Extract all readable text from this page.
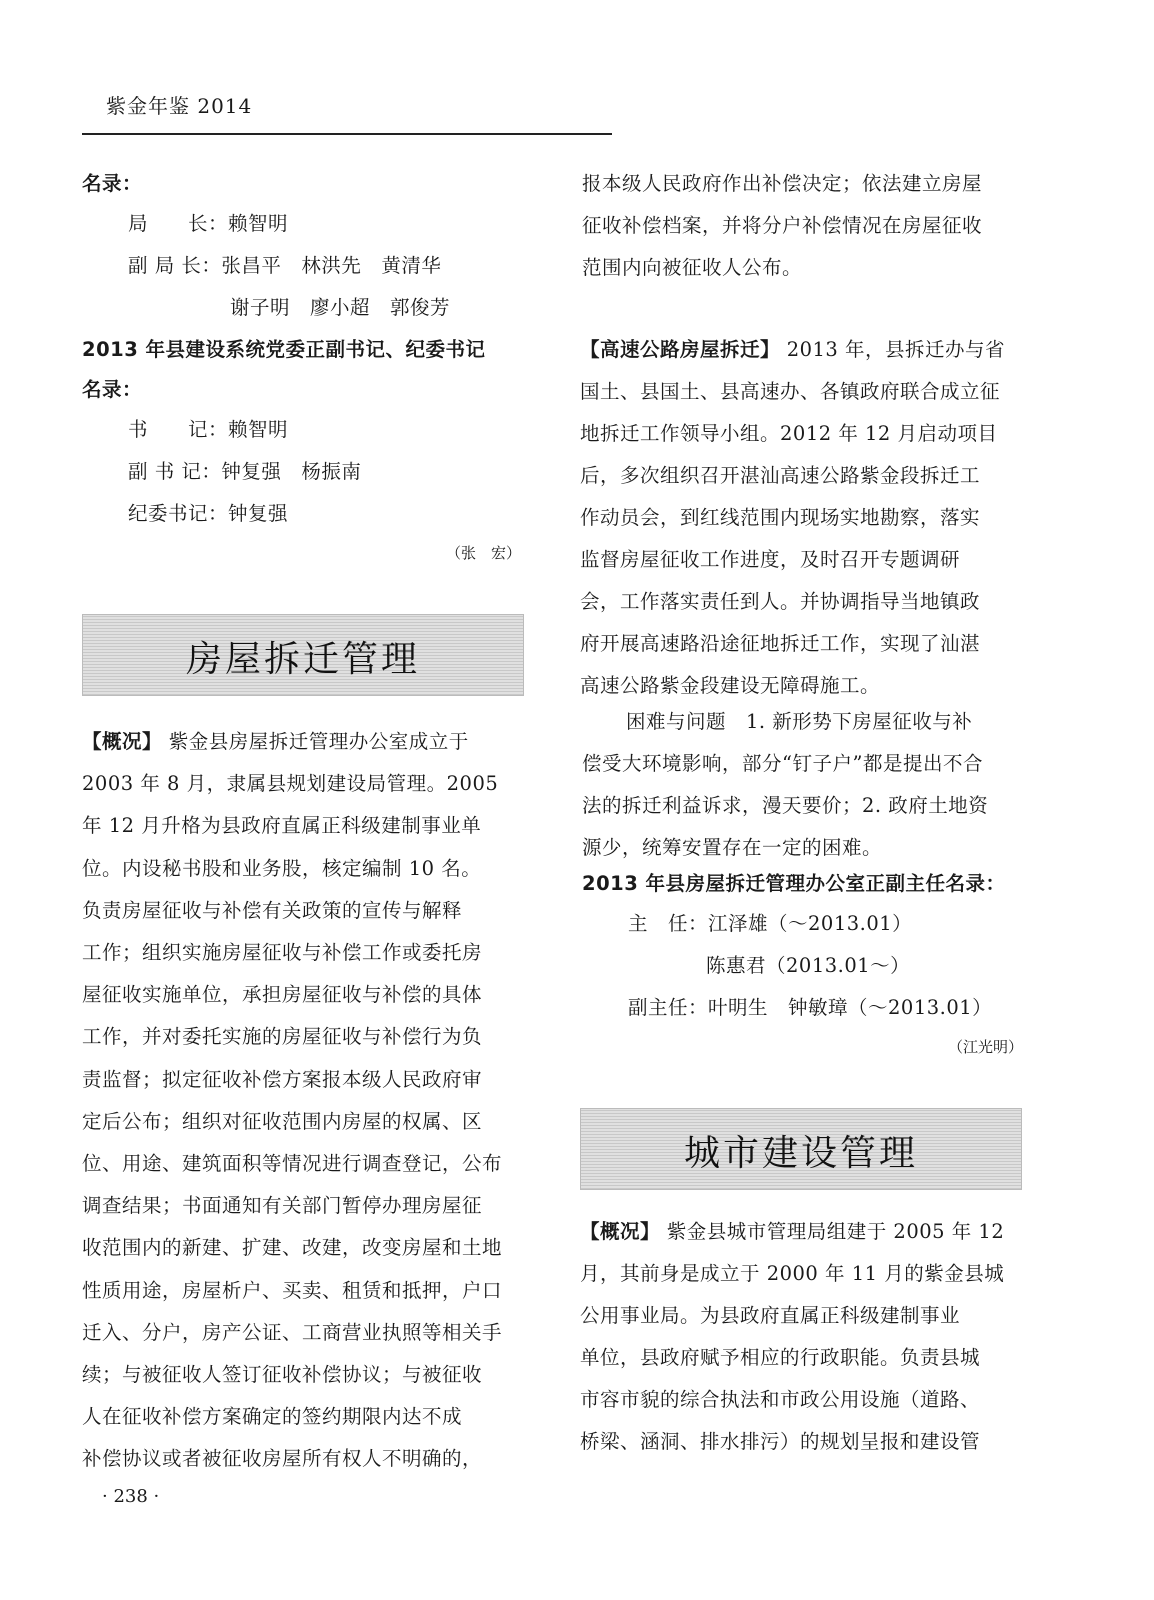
紫金年鉴 2014
名录：
局　　长：赖智明
副 局 长：张昌平　林洪先　黄清华
谢子明　廖小超　郭俊芳
2013 年县建设系统党委正副书记、纪委书记
名录：
书　　记：赖智明
副 书 记：钟复强　杨振南
纪委书记：钟复强
（张　宏）
房屋拆迁管理
【概况】 紫金县房屋拆迁管理办公室成立于
2003 年 8 月，隶属县规划建设局管理。2005
年 12 月升格为县政府直属正科级建制事业单
位。内设秘书股和业务股，核定编制 10 名。
负责房屋征收与补偿有关政策的宣传与解释
工作；组织实施房屋征收与补偿工作或委托房
屋征收实施单位，承担房屋征收与补偿的具体
工作，并对委托实施的房屋征收与补偿行为负
责监督；拟定征收补偿方案报本级人民政府审
定后公布；组织对征收范围内房屋的权属、区
位、用途、建筑面积等情况进行调查登记，公布
调查结果；书面通知有关部门暂停办理房屋征
收范围内的新建、扩建、改建，改变房屋和土地
性质用途，房屋析户、买卖、租赁和抵押，户口
迁入、分户，房产公证、工商营业执照等相关手
续；与被征收人签订征收补偿协议；与被征收
人在征收补偿方案确定的签约期限内达不成
补偿协议或者被征收房屋所有权人不明确的，
· 238 ·
报本级人民政府作出补偿决定；依法建立房屋
征收补偿档案，并将分户补偿情况在房屋征收
范围内向被征收人公布。
【高速公路房屋拆迁】 2013 年，县拆迁办与省
国土、县国土、县高速办、各镇政府联合成立征
地拆迁工作领导小组。2012 年 12 月启动项目
后，多次组织召开湛汕高速公路紫金段拆迁工
作动员会，到红线范围内现场实地勘察，落实
监督房屋征收工作进度，及时召开专题调研
会，工作落实责任到人。并协调指导当地镇政
府开展高速路沿途征地拆迁工作，实现了汕湛
高速公路紫金段建设无障碍施工。
困难与问题　1. 新形势下房屋征收与补
偿受大环境影响，部分“钉子户”都是提出不合
法的拆迁利益诉求，漫天要价；2. 政府土地资
源少，统筹安置存在一定的困难。
2013 年县房屋拆迁管理办公室正副主任名录：
主　任：江泽雄（～2013.01）
陈惠君（2013.01～）
副主任：叶明生　钟敏璋（～2013.01）
（江光明）
城市建设管理
【概况】 紫金县城市管理局组建于 2005 年 12
月，其前身是成立于 2000 年 11 月的紫金县城
公用事业局。为县政府直属正科级建制事业
单位，县政府赋予相应的行政职能。负责县城
市容市貌的综合执法和市政公用设施（道路、
桥梁、涵洞、排水排污）的规划呈报和建设管
